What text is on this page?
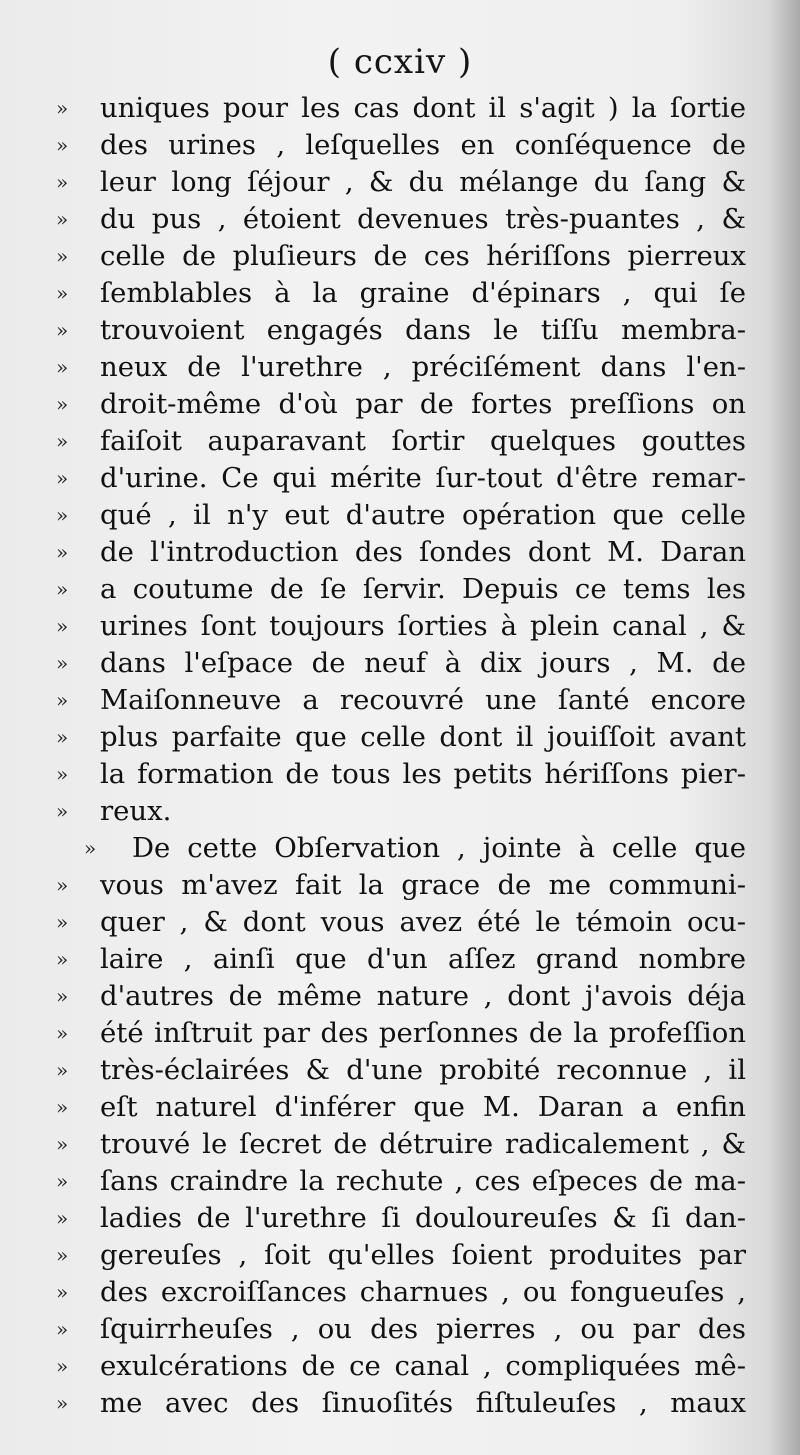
( ccxiv )
»	uniques pour les cas dont il s'agit ) la ſortie
»	des urines , leſquelles en conſéquence de
»	leur long ſéjour , & du mélange du ſang &
»	du pus , étoient devenues très-puantes , &
»	celle de pluſieurs de ces hériſſons pierreux
»	ſemblables à la graine d'épinars , qui ſe
»	trouvoient engagés dans le tiſſu membra-
»	neux de l'urethre , préciſément dans l'en-
»	droit-même d'où par de fortes preſſions on
»	faiſoit auparavant ſortir quelques gouttes
»	d'urine. Ce qui mérite ſur-tout d'être remar-
»	qué , il n'y eut d'autre opération que celle
»	de l'introduction des ſondes dont M. Daran
»	a coutume de ſe ſervir. Depuis ce tems les
»	urines ſont toujours ſorties à plein canal , &
»	dans l'eſpace de neuf à dix jours , M. de
»	Maiſonneuve a recouvré une ſanté encore
»	plus parfaite que celle dont il jouiſſoit avant
»	la formation de tous les petits hériſſons pier-
»	reux.
»	De cette Obſervation , jointe à celle que
»	vous m'avez fait la grace de me communi-
»	quer , & dont vous avez été le témoin ocu-
»	laire , ainſi que d'un aſſez grand nombre
»	d'autres de même nature , dont j'avois déja
»	été inſtruit par des perſonnes de la profeſſion
»	très-éclairées & d'une probité reconnue , il
»	eſt naturel d'inférer que M. Daran a enfin
»	trouvé le ſecret de détruire radicalement , &
»	ſans craindre la rechute , ces eſpeces de ma-
»	ladies de l'urethre ſi douloureuſes & ſi dan-
»	gereuſes , ſoit qu'elles ſoient produites par
»	des excroiſſances charnues , ou fongueuſes ,
»	ſquirrheuſes , ou des pierres , ou par des
»	exulcérations de ce canal , compliquées mê-
»	me avec des ſinuoſités fiſtuleuſes , maux
